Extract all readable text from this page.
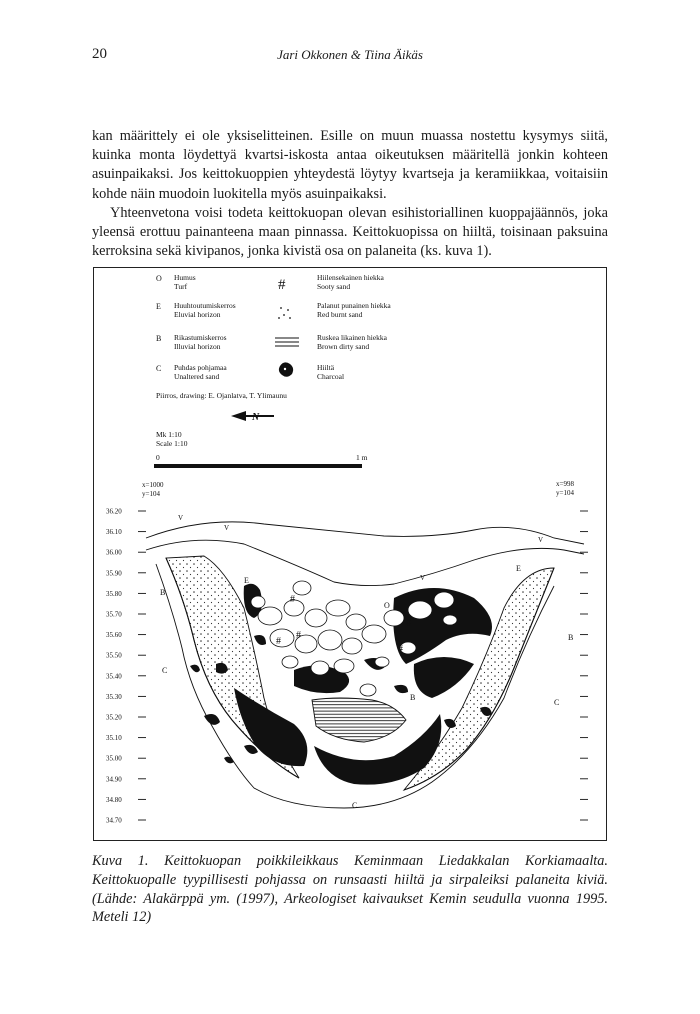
20	Jari Okkonen & Tiina Äikäs

kan määrittely ei ole yksiselitteinen. Esille on muun muassa nostettu kysymys siitä, kuinka monta löydettyä kvartsi-iskosta antaa oikeutuksen määritellä jonkin kohteen asuinpaikaksi. Jos keittokuoppien yhteydestä löytyy kvartseja ja keramiikkaa, voitaisiin kohde näin muodoin luokitella myös asuinpaikaksi.

Yhteenvetona voisi todeta keittokuopan olevan esihistoriallinen kuoppajäännös, joka yleensä erottuu painanteena maan pinnassa. Keittokuopissa on hiiltä, toisinaan paksuina kerroksina sekä kivipanos, jonka kivistä osa on palaneita (ks. kuva 1).

O Humus
Turf
E Huuhtoutumiskerros
Eluvial horizon
B Rikastumiskerros
Illuvial horizon
C Puhdas pohjamaa
Unaltered sand
#	Hiilensekainen hiekka
Sooty sand
Palanut punainen hiekka
Red burnt sand
Ruskea likainen hiekka
Brown dirty sand
Hiiltä
Charcoal
Piirros, drawing: E. Ojanlatva, T. Ylimaunu
N
Mk 1:10
Scale 1:10
0	1 m
x=1000
y=104
x=998
y=104
36.20
36.10
36.00
35.90
35.80
35.70
35.60
35.50
35.40
35.30
35.20
35.10
35.00
34.90
34.80
34.70
E
E
O
B
B
B
C
C
C
V
V
V
V
#
#
#
#
#

Kuva 1. Keittokuopan poikkileikkaus Keminmaan Liedakkalan Korkiamaalta. Keittokuopalle tyypillisesti pohjassa on runsaasti hiiltä ja sirpaleiksi palaneita kiviä. (Lähde: Alakärppä ym. (1997), Arkeologiset kaivaukset Kemin seudulla vuonna 1995. Meteli 12)
